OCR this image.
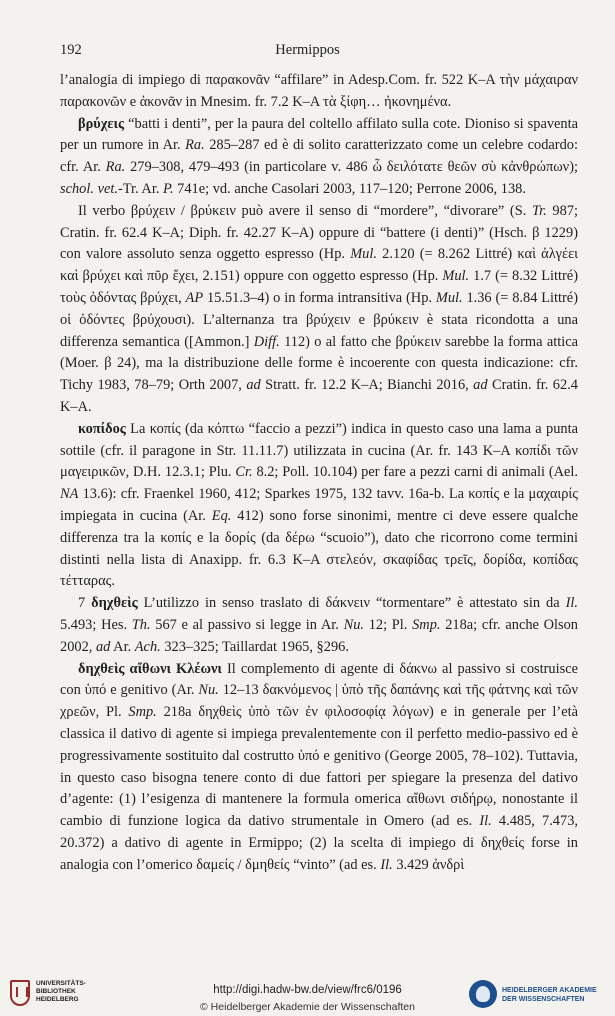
192	Hermippos

l’analogia di impiego di παρακονᾶν “affilare” in Adesp.Com. fr. 522 K–A τὴν μάχαιραν παρακονῶν e ἀκονᾶν in Mnesim. fr. 7.2 K–A τὰ ξίφη… ἠκονημένα.

βρύχεις “batti i denti”, per la paura del coltello affilato sulla cote. Dioniso si spaventa per un rumore in Ar. Ra. 285–287 ed è di solito caratterizzato come un celebre codardo: cfr. Ar. Ra. 279–308, 479–493 (in particolare v. 486 ὦ δειλότατε θεῶν σὺ κἀνθρώπων); schol. vet.-Tr. Ar. P. 741e; vd. anche Casolari 2003, 117–120; Perrone 2006, 138.

Il verbo βρύχειν / βρύκειν può avere il senso di “mordere”, “divorare” (S. Tr. 987; Cratin. fr. 62.4 K–A; Diph. fr. 42.27 K–A) oppure di “battere (i denti)” (Hsch. β 1229) con valore assoluto senza oggetto espresso (Hp. Mul. 2.120 (= 8.262 Littré) καὶ ἀλγέει καὶ βρύχει καὶ πῦρ ἔχει, 2.151) oppure con oggetto espresso (Hp. Mul. 1.7 (= 8.32 Littré) τοὺς ὀδόντας βρύχει, AP 15.51.3–4) o in forma intransitiva (Hp. Mul. 1.36 (= 8.84 Littré) οἱ ὀδόντες βρύχουσι). L’alternanza tra βρύχειν e βρύκειν è stata ricondotta a una differenza semantica ([Ammon.] Diff. 112) o al fatto che βρύκειν sarebbe la forma attica (Moer. β 24), ma la distribuzione delle forme è incoerente con questa indicazione: cfr. Tichy 1983, 78–79; Orth 2007, ad Stratt. fr. 12.2 K–A; Bianchi 2016, ad Cratin. fr. 62.4 K–A.

κοπίδος La κοπίς (da κόπτω “faccio a pezzi”) indica in questo caso una lama a punta sottile (cfr. il paragone in Str. 11.11.7) utilizzata in cucina (Ar. fr. 143 K–A κοπίδι τῶν μαγειρικῶν, D.H. 12.3.1; Plu. Cr. 8.2; Poll. 10.104) per fare a pezzi carni di animali (Ael. NA 13.6): cfr. Fraenkel 1960, 412; Sparkes 1975, 132 tavv. 16a-b. La κοπίς e la μαχαιρίς impiegata in cucina (Ar. Eq. 412) sono forse sinonimi, mentre ci deve essere qualche differenza tra la κοπίς e la δορίς (da δέρω “scuoio”), dato che ricorrono come termini distinti nella lista di Anaxipp. fr. 6.3 K–A στελεόν, σκαφίδας τρεῖς, δορίδα, κοπίδας τέτταρας.

7 δηχθεὶς L’utilizzo in senso traslato di δάκνειν “tormentare” è attestato sin da Il. 5.493; Hes. Th. 567 e al passivo si legge in Ar. Nu. 12; Pl. Smp. 218a; cfr. anche Olson 2002, ad Ar. Ach. 323–325; Taillardat 1965, §296.

δηχθεὶς αἴθωνι Κλέωνι Il complemento di agente di δάκνω al passivo si costruisce con ὑπό e genitivo (Ar. Nu. 12–13 δακνόμενος | ὑπὸ τῆς δαπάνης καὶ τῆς φάτνης καὶ τῶν χρεῶν, Pl. Smp. 218a δηχθεὶς ὑπὸ τῶν ἐν φιλοσοφίᾳ λόγων) e in generale per l’età classica il dativo di agente si impiega prevalentemente con il perfetto medio-passivo ed è progressivamente sostituito dal costrutto ὑπό e genitivo (George 2005, 78–102). Tuttavia, in questo caso bisogna tenere conto di due fattori per spiegare la presenza del dativo d’agente: (1) l’esigenza di mantenere la formula omerica αἴθωνι σιδήρῳ, nonostante il cambio di funzione logica da dativo strumentale in Omero (ad es. Il. 4.485, 7.473, 20.372) a dativo di agente in Ermippo; (2) la scelta di impiego di δηχθείς forse in analogia con l’omerico δαμείς / δμηθείς “vinto” (ad es. Il. 3.429 ἀνδρὶ

UNIVERSITÄTS-
BIBLIOTHEK
HEIDELBERG
http://digi.hadw-bw.de/view/frc6/0196
© Heidelberger Akademie der Wissenschaften
HEIDELBERGER AKADEMIE
DER WISSENSCHAFTEN
